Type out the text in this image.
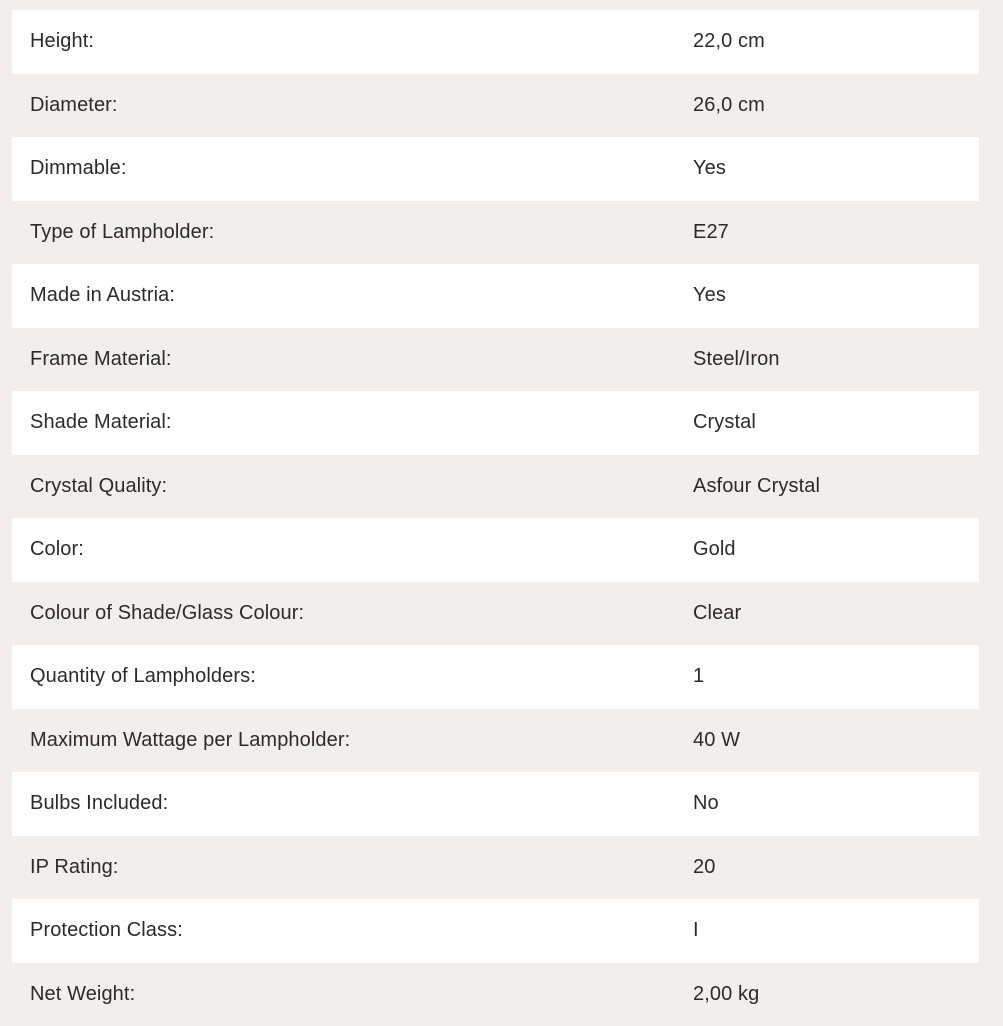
Height:	22,0 cm
Diameter:	26,0 cm
Dimmable:	Yes
Type of Lampholder:	E27
Made in Austria:	Yes
Frame Material:	Steel/Iron
Shade Material:	Crystal
Crystal Quality:	Asfour Crystal
Color:	Gold
Colour of Shade/Glass Colour:	Clear
Quantity of Lampholders:	1
Maximum Wattage per Lampholder:	40 W
Bulbs Included:	No
IP Rating:	20
Protection Class:	I
Net Weight:	2,00 kg
